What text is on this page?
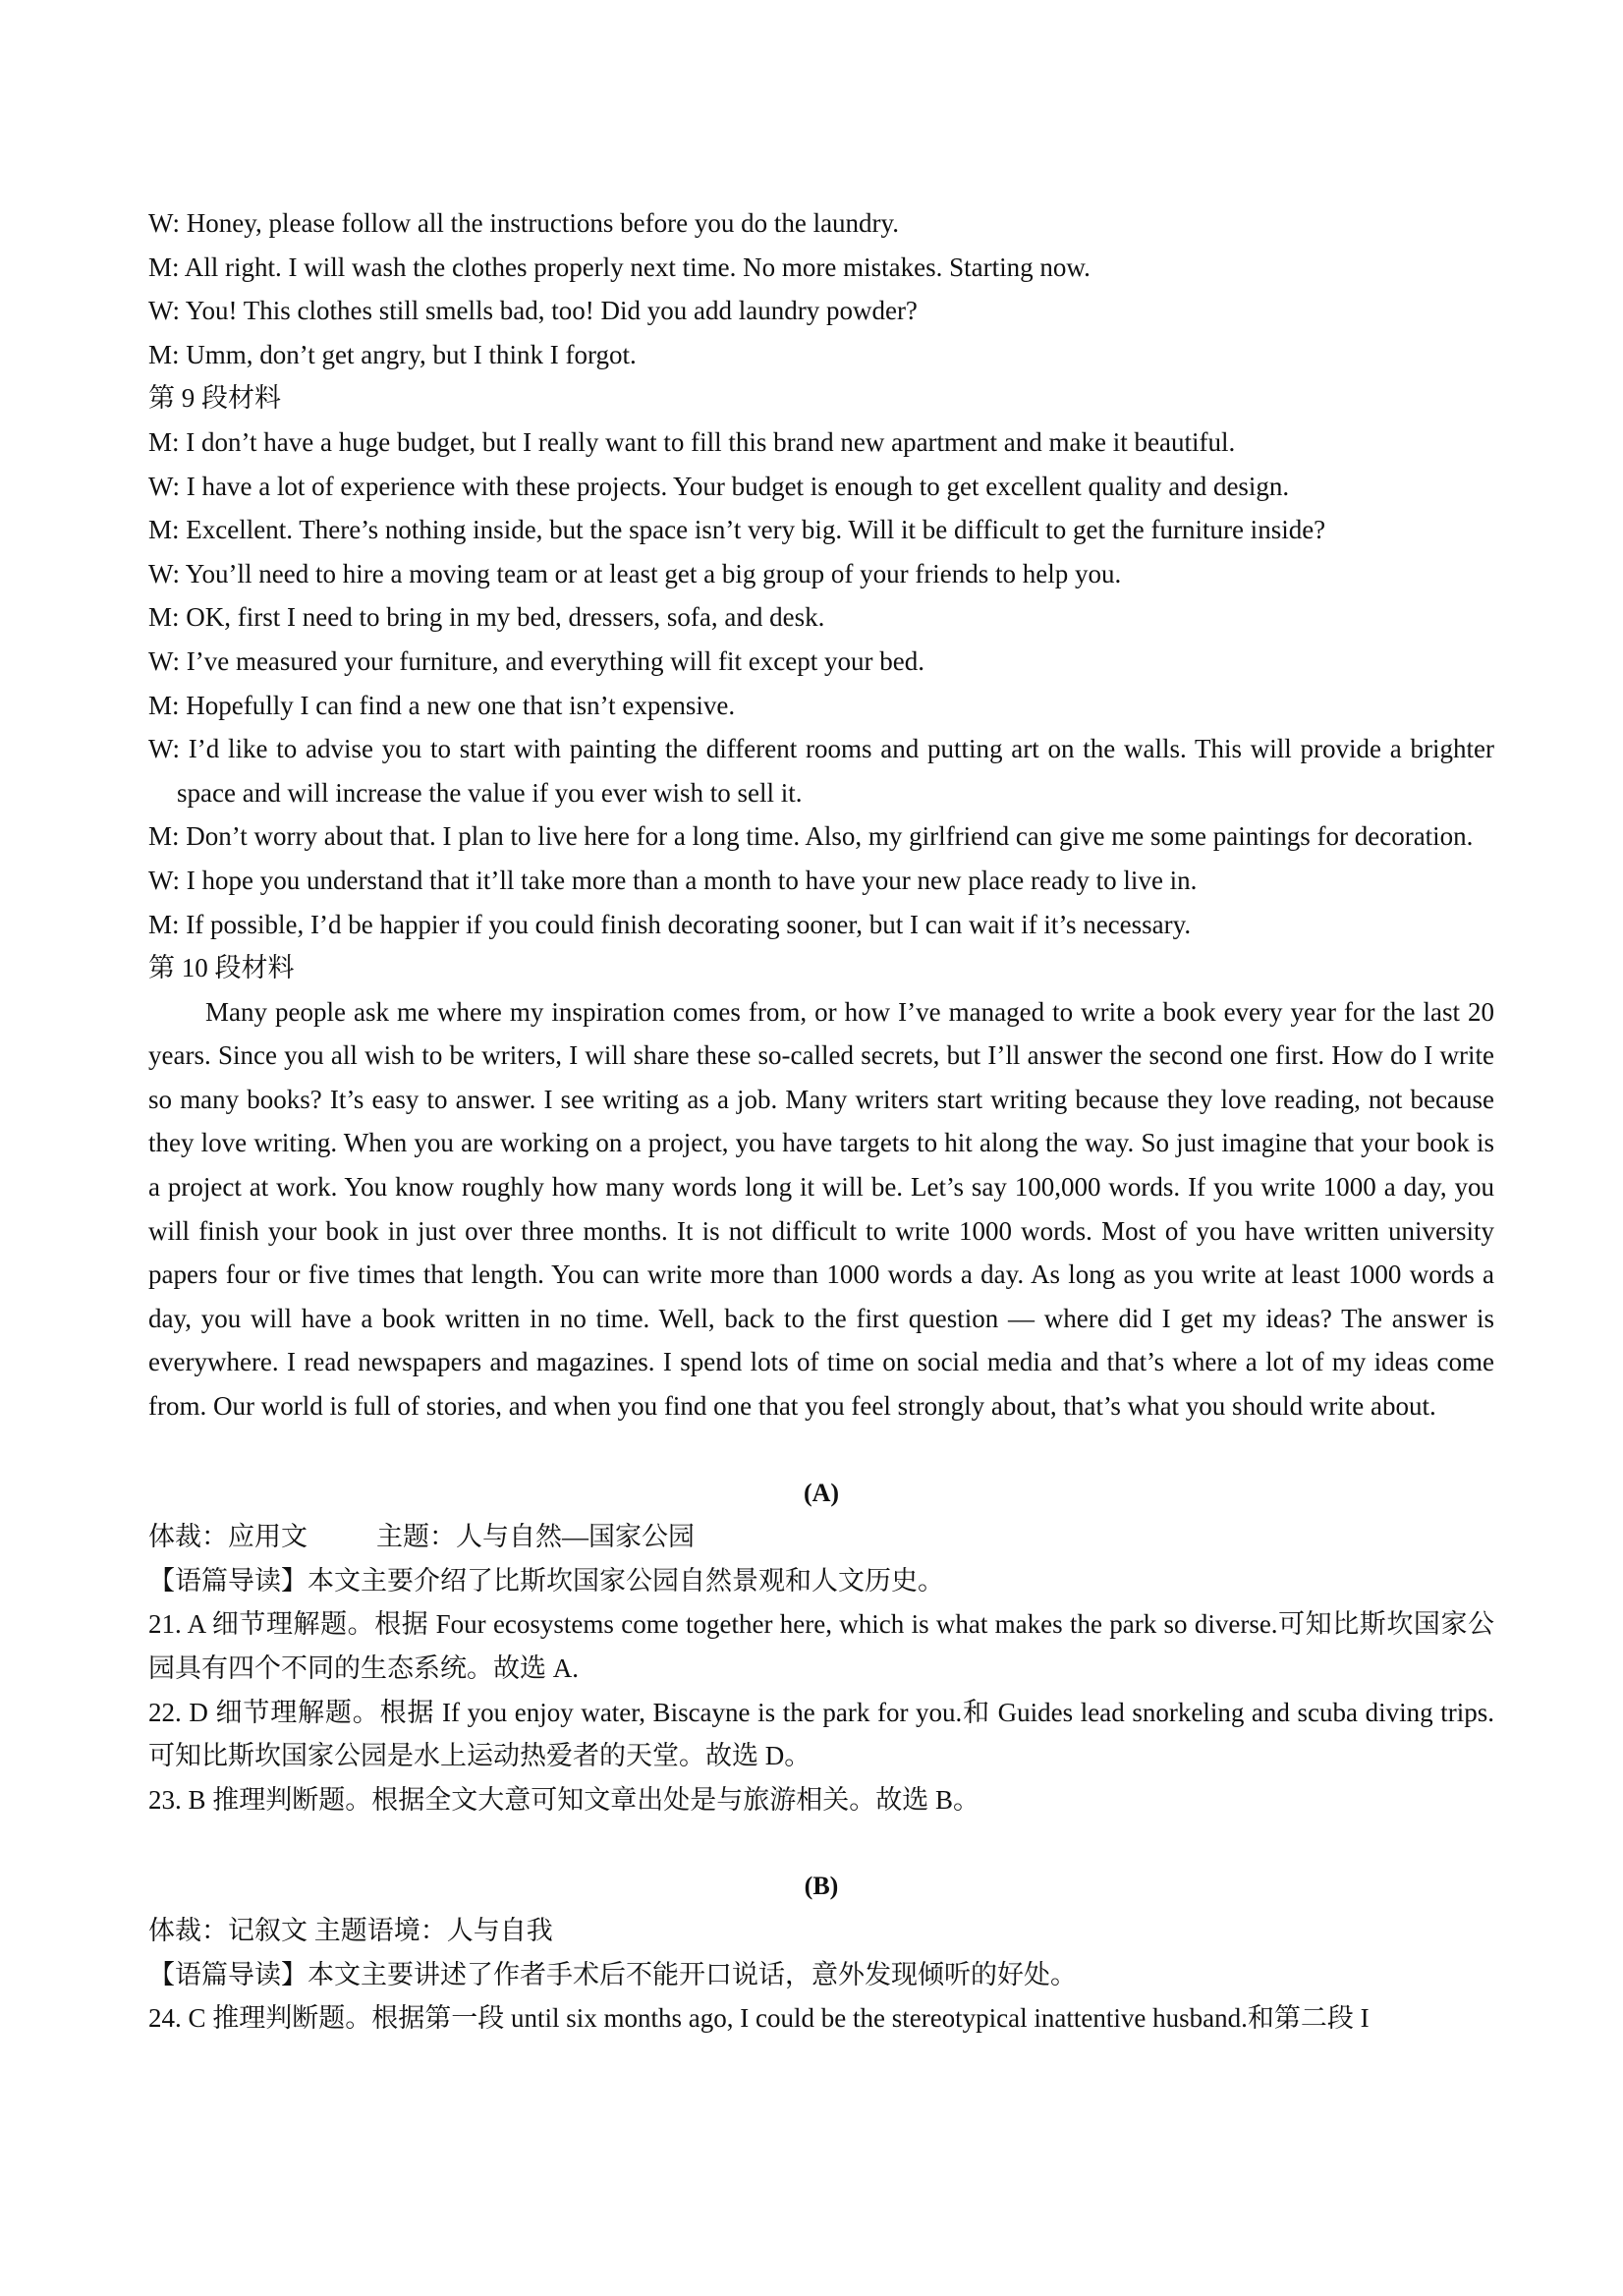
W: Honey, please follow all the instructions before you do the laundry.

M: All right. I will wash the clothes properly next time. No more mistakes. Starting now.

W: You! This clothes still smells bad, too! Did you add laundry powder?

M: Umm, don’t get angry, but I think I forgot.

第 9 段材料

M: I don’t have a huge budget, but I really want to fill this brand new apartment and make it beautiful.

W: I have a lot of experience with these projects. Your budget is enough to get excellent quality and design.

M: Excellent. There’s nothing inside, but the space isn’t very big. Will it be difficult to get the furniture inside?

W: You’ll need to hire a moving team or at least get a big group of your friends to help you.

M: OK, first I need to bring in my bed, dressers, sofa, and desk.

W: I’ve measured your furniture, and everything will fit except your bed.

M: Hopefully I can find a new one that isn’t expensive.

W: I’d like to advise you to start with painting the different rooms and putting art on the walls. This will provide a brighter space and will increase the value if you ever wish to sell it.

M: Don’t worry about that. I plan to live here for a long time. Also, my girlfriend can give me some paintings for decoration.

W: I hope you understand that it’ll take more than a month to have your new place ready to live in.

M: If possible, I’d be happier if you could finish decorating sooner, but I can wait if it’s necessary.

第 10 段材料

Many people ask me where my inspiration comes from, or how I’ve managed to write a book every year for the last 20 years. Since you all wish to be writers, I will share these so-called secrets, but I’ll answer the second one first. How do I write so many books? It’s easy to answer. I see writing as a job. Many writers start writing because they love reading, not because they love writing. When you are working on a project, you have targets to hit along the way. So just imagine that your book is a project at work. You know roughly how many words long it will be. Let’s say 100,000 words. If you write 1000 a day, you will finish your book in just over three months. It is not difficult to write 1000 words. Most of you have written university papers four or five times that length. You can write more than 1000 words a day. As long as you write at least 1000 words a day, you will have a book written in no time. Well, back to the first question — where did I get my ideas? The answer is everywhere. I read newspapers and magazines. I spend lots of time on social media and that’s where a lot of my ideas come from. Our world is full of stories, and when you find one that you feel strongly about, that’s what you should write about.

(A)

体裁：应用文	主题：人与自然—国家公园

【语篇导读】本文主要介绍了比斯坎国家公园自然景观和人文历史。

21. A 细节理解题。根据 Four ecosystems come together here, which is what makes the park so diverse.可知比斯坎国家公园具有四个不同的生态系统。故选 A.

22. D 细节理解题。根据 If you enjoy water, Biscayne is the park for you.和 Guides lead snorkeling and scuba diving trips. 可知比斯坎国家公园是水上运动热爱者的天堂。故选 D。

23. B 推理判断题。根据全文大意可知文章出处是与旅游相关。故选 B。

(B)

体裁：记叙文 主题语境：人与自我

【语篇导读】本文主要讲述了作者手术后不能开口说话，意外发现倾听的好处。

24. C 推理判断题。根据第一段 until six months ago, I could be the stereotypical inattentive husband.和第二段 I
